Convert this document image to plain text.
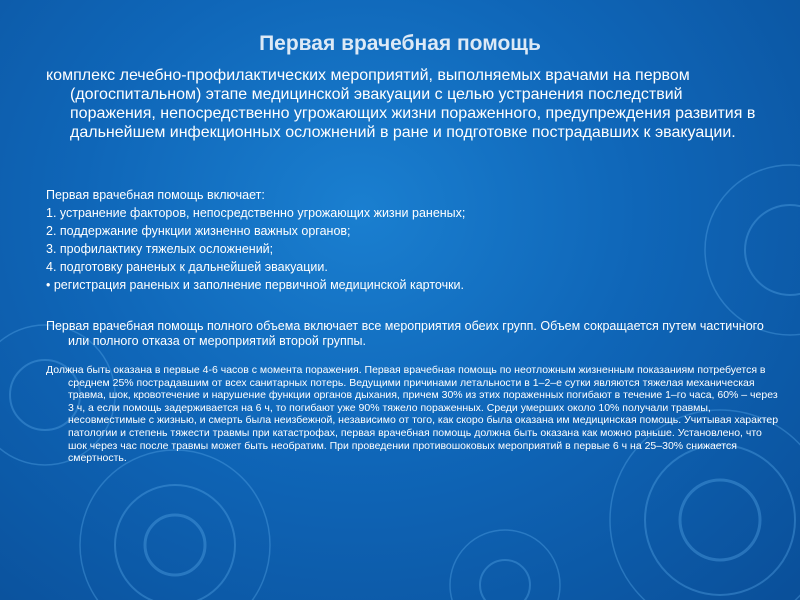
Первая врачебная помощь

комплекс лечебно-профилактических мероприятий, выполняемых врачами на первом (догоспитальном) этапе медицинской эвакуации с целью устранения последствий поражения, непосредственно угрожающих жизни пораженного, предупреждения развития в дальнейшем инфекционных осложнений в ране и подготовке пострадавших к эвакуации.

Первая врачебная помощь включает:

1. устранение факторов, непосредственно угрожающих жизни раненых;

2. поддержание функции жизненно важных органов;

3. профилактику тяжелых осложнений;

4. подготовку раненых к дальнейшей эвакуации.

• регистрация раненых и заполнение первичной медицинской карточки.

Первая врачебная помощь полного объема включает все мероприятия обеих групп. Объем сокращается путем частичного или полного отказа от мероприятий второй группы.

Должна быть оказана в первые 4-6 часов с момента поражения. Первая врачебная помощь по неотложным жизненным показаниям потребуется в среднем 25% пострадавшим от всех санитарных потерь. Ведущими причинами летальности в 1–2–е сутки являются тяжелая механическая травма, шок, кровотечение и нарушение функции органов дыхания, причем 30% из этих пораженных погибают в течение 1–го часа, 60% – через 3 ч, а если помощь задерживается на 6 ч, то погибают уже 90% тяжело пораженных. Среди умерших около 10% получали травмы, несовместимые с жизнью, и смерть была неизбежной, независимо от того, как скоро была оказана им медицинская помощь. Учитывая характер патологии и степень тяжести травмы при катастрофах, первая врачебная помощь должна быть оказана как можно раньше. Установлено, что шок через час после травмы может быть необратим. При проведении противошоковых мероприятий в первые 6 ч на 25–30% снижается смертность.
